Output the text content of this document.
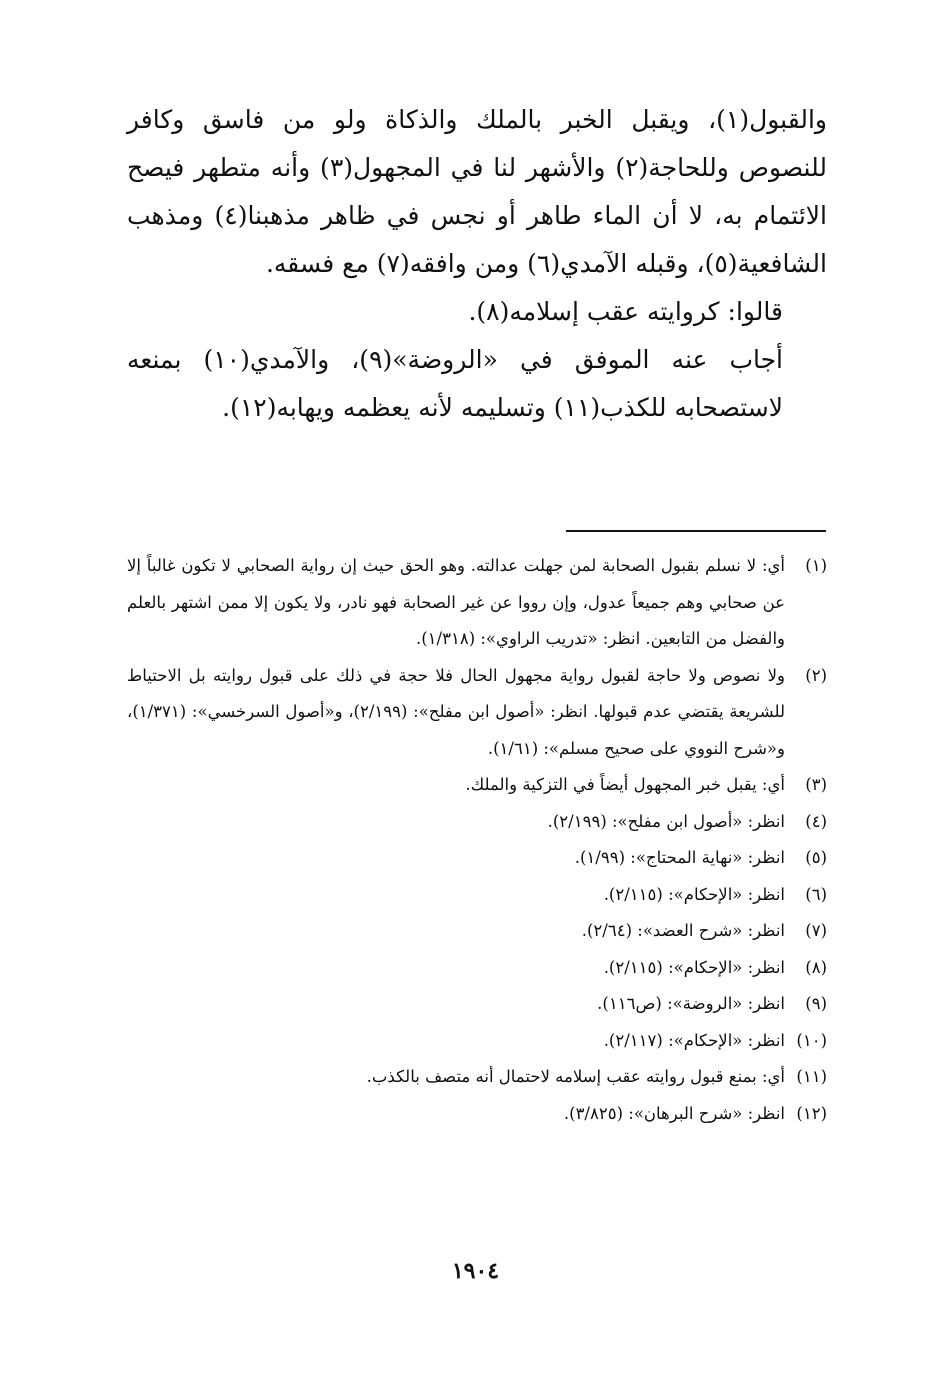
والقبول(١)، ويقبل الخبر بالملك والذكاة ولو من فاسق وكافر للنصوص وللحاجة(٢) والأشهر لنا في المجهول(٣) وأنه متطهر فيصح الائتمام به، لا أن الماء طاهر أو نجس في ظاهر مذهبنا(٤) ومذهب الشافعية(٥)، وقبله الآمدي(٦) ومن وافقه(٧) مع فسقه.

قالوا: كروايته عقب إسلامه(٨).

أجاب عنه الموفق في «الروضة»(٩)، والآمدي(١٠) بمنعه لاستصحابه للكذب(١١) وتسليمه لأنه يعظمه ويهابه(١٢).

(١)
أي: لا نسلم بقبول الصحابة لمن جهلت عدالته. وهو الحق حيث إن رواية الصحابي لا تكون غالباً إلا عن صحابي وهم جميعاً عدول، وإن رووا عن غير الصحابة فهو نادر، ولا يكون إلا ممن اشتهر بالعلم والفضل من التابعين. انظر: «تدريب الراوي»: (١/٣١٨).
(٢)
ولا نصوص ولا حاجة لقبول رواية مجهول الحال فلا حجة في ذلك على قبول روايته بل الاحتياط للشريعة يقتضي عدم قبولها. انظر: «أصول ابن مفلح»: (٢/١٩٩)، و«أصول السرخسي»: (١/٣٧١)، و«شرح النووي على صحيح مسلم»: (١/٦١).
(٣)
أي: يقبل خبر المجهول أيضاً في التزكية والملك.
(٤)
انظر: «أصول ابن مفلح»: (٢/١٩٩).
(٥)
انظر: «نهاية المحتاج»: (١/٩٩).
(٦)
انظر: «الإحكام»: (٢/١١٥).
(٧)
انظر: «شرح العضد»: (٢/٦٤).
(٨)
انظر: «الإحكام»: (٢/١١٥).
(٩)
انظر: «الروضة»: (ص١١٦).
(١٠)
انظر: «الإحكام»: (٢/١١٧).
(١١)
أي: بمنع قبول روايته عقب إسلامه لاحتمال أنه متصف بالكذب.
(١٢)
انظر: «شرح البرهان»: (٣/٨٢٥).
١٩٠٤
